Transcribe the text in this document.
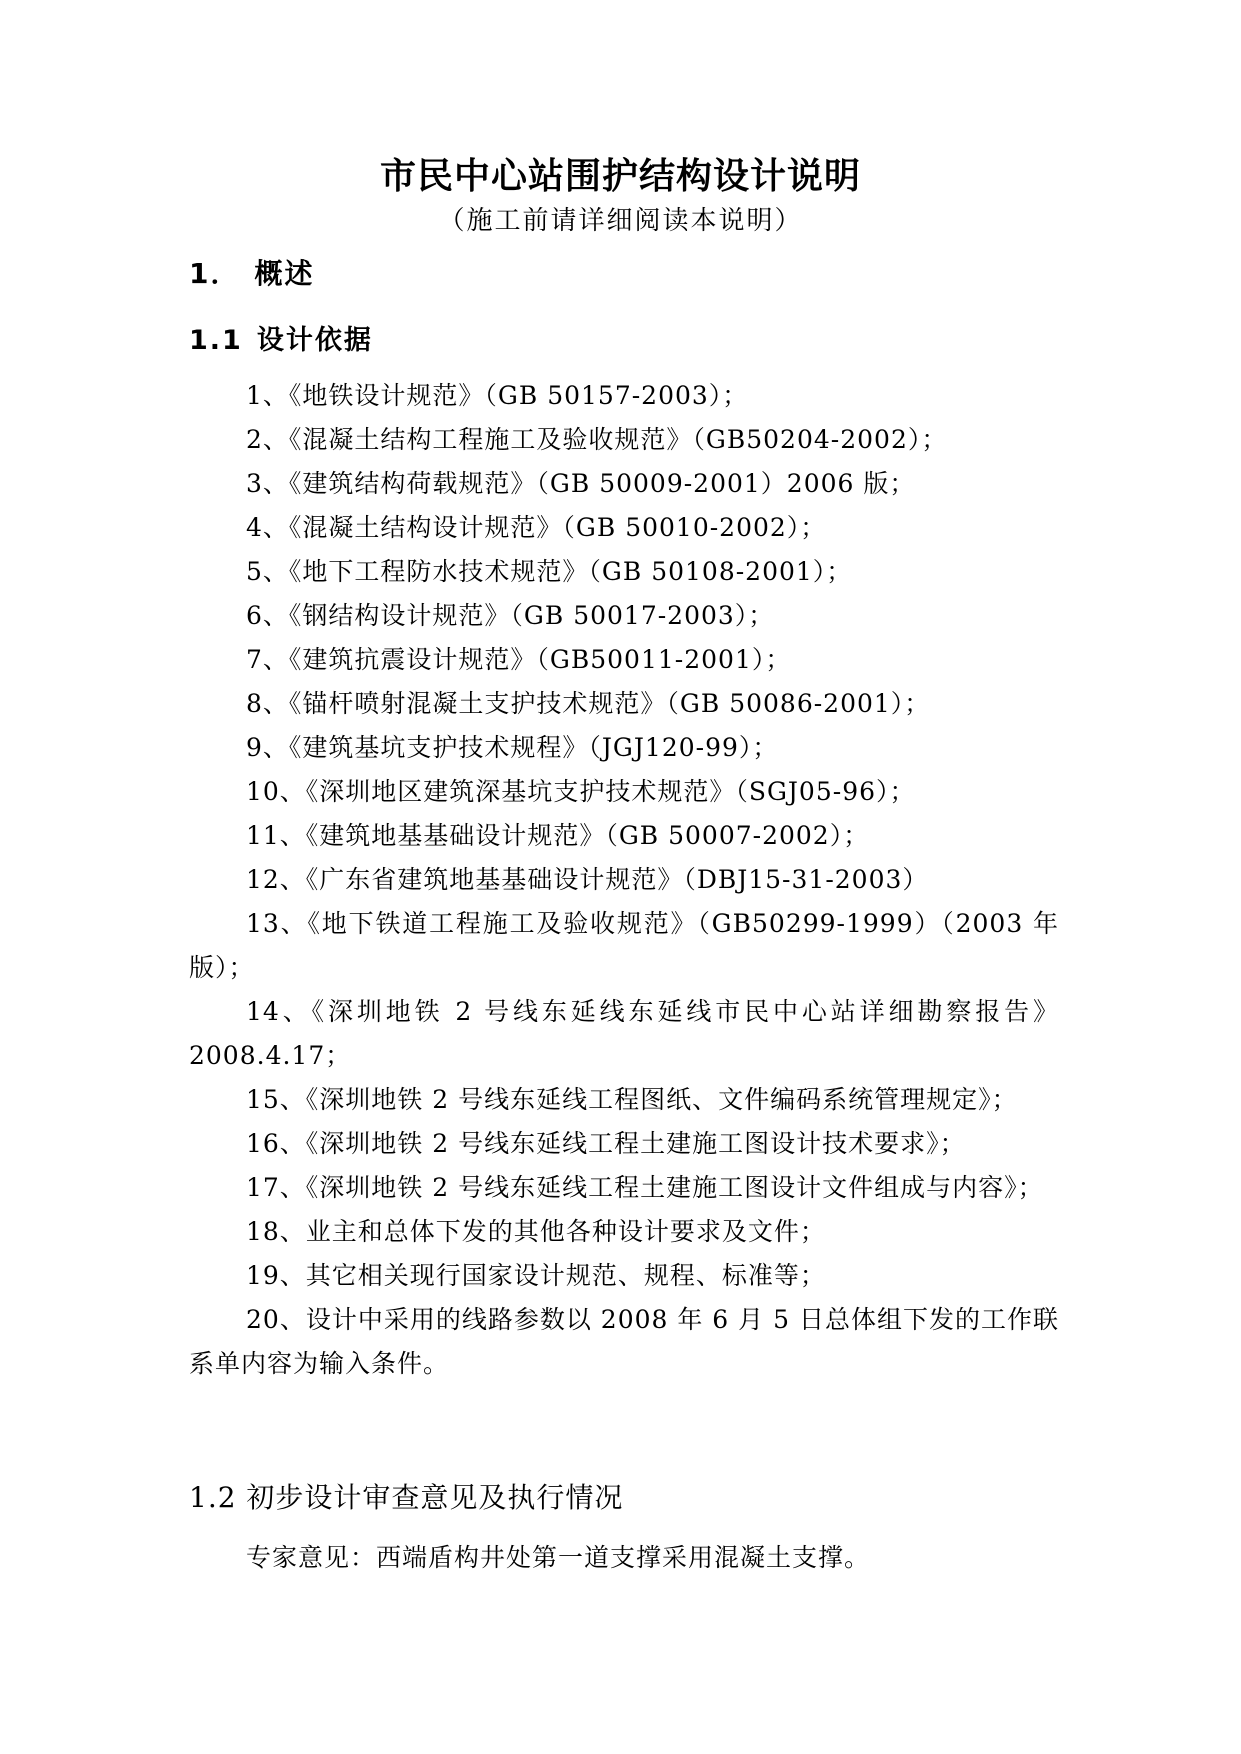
市民中心站围护结构设计说明
（施工前请详细阅读本说明）
1． 概述
1.1 设计依据

1、《地铁设计规范》（GB 50157-2003）；

2、《混凝土结构工程施工及验收规范》（GB50204-2002）；

3、《建筑结构荷载规范》（GB 50009-2001）2006 版；

4、《混凝土结构设计规范》（GB 50010-2002）；

5、《地下工程防水技术规范》（GB 50108-2001）；

6、《钢结构设计规范》（GB 50017-2003）；

7、《建筑抗震设计规范》（GB50011-2001）；

8、《锚杆喷射混凝土支护技术规范》（GB 50086-2001）；

9、《建筑基坑支护技术规程》（JGJ120-99）；

10、《深圳地区建筑深基坑支护技术规范》（SGJ05-96）；

11、《建筑地基基础设计规范》（GB 50007-2002）；

12、《广东省建筑地基基础设计规范》（DBJ15-31-2003）

13、《地下铁道工程施工及验收规范》（GB50299-1999）（2003 年版）；

14、《深圳地铁 2 号线东延线东延线市民中心站详细勘察报告》2008.4.17；

15、《深圳地铁 2 号线东延线工程图纸、文件编码系统管理规定》；

16、《深圳地铁 2 号线东延线工程土建施工图设计技术要求》；

17、《深圳地铁 2 号线东延线工程土建施工图设计文件组成与内容》；

18、业主和总体下发的其他各种设计要求及文件；

19、其它相关现行国家设计规范、规程、标准等；

20、设计中采用的线路参数以 2008 年 6 月 5 日总体组下发的工作联系单内容为输入条件。

1.2 初步设计审查意见及执行情况
专家意见：西端盾构井处第一道支撑采用混凝土支撑。
